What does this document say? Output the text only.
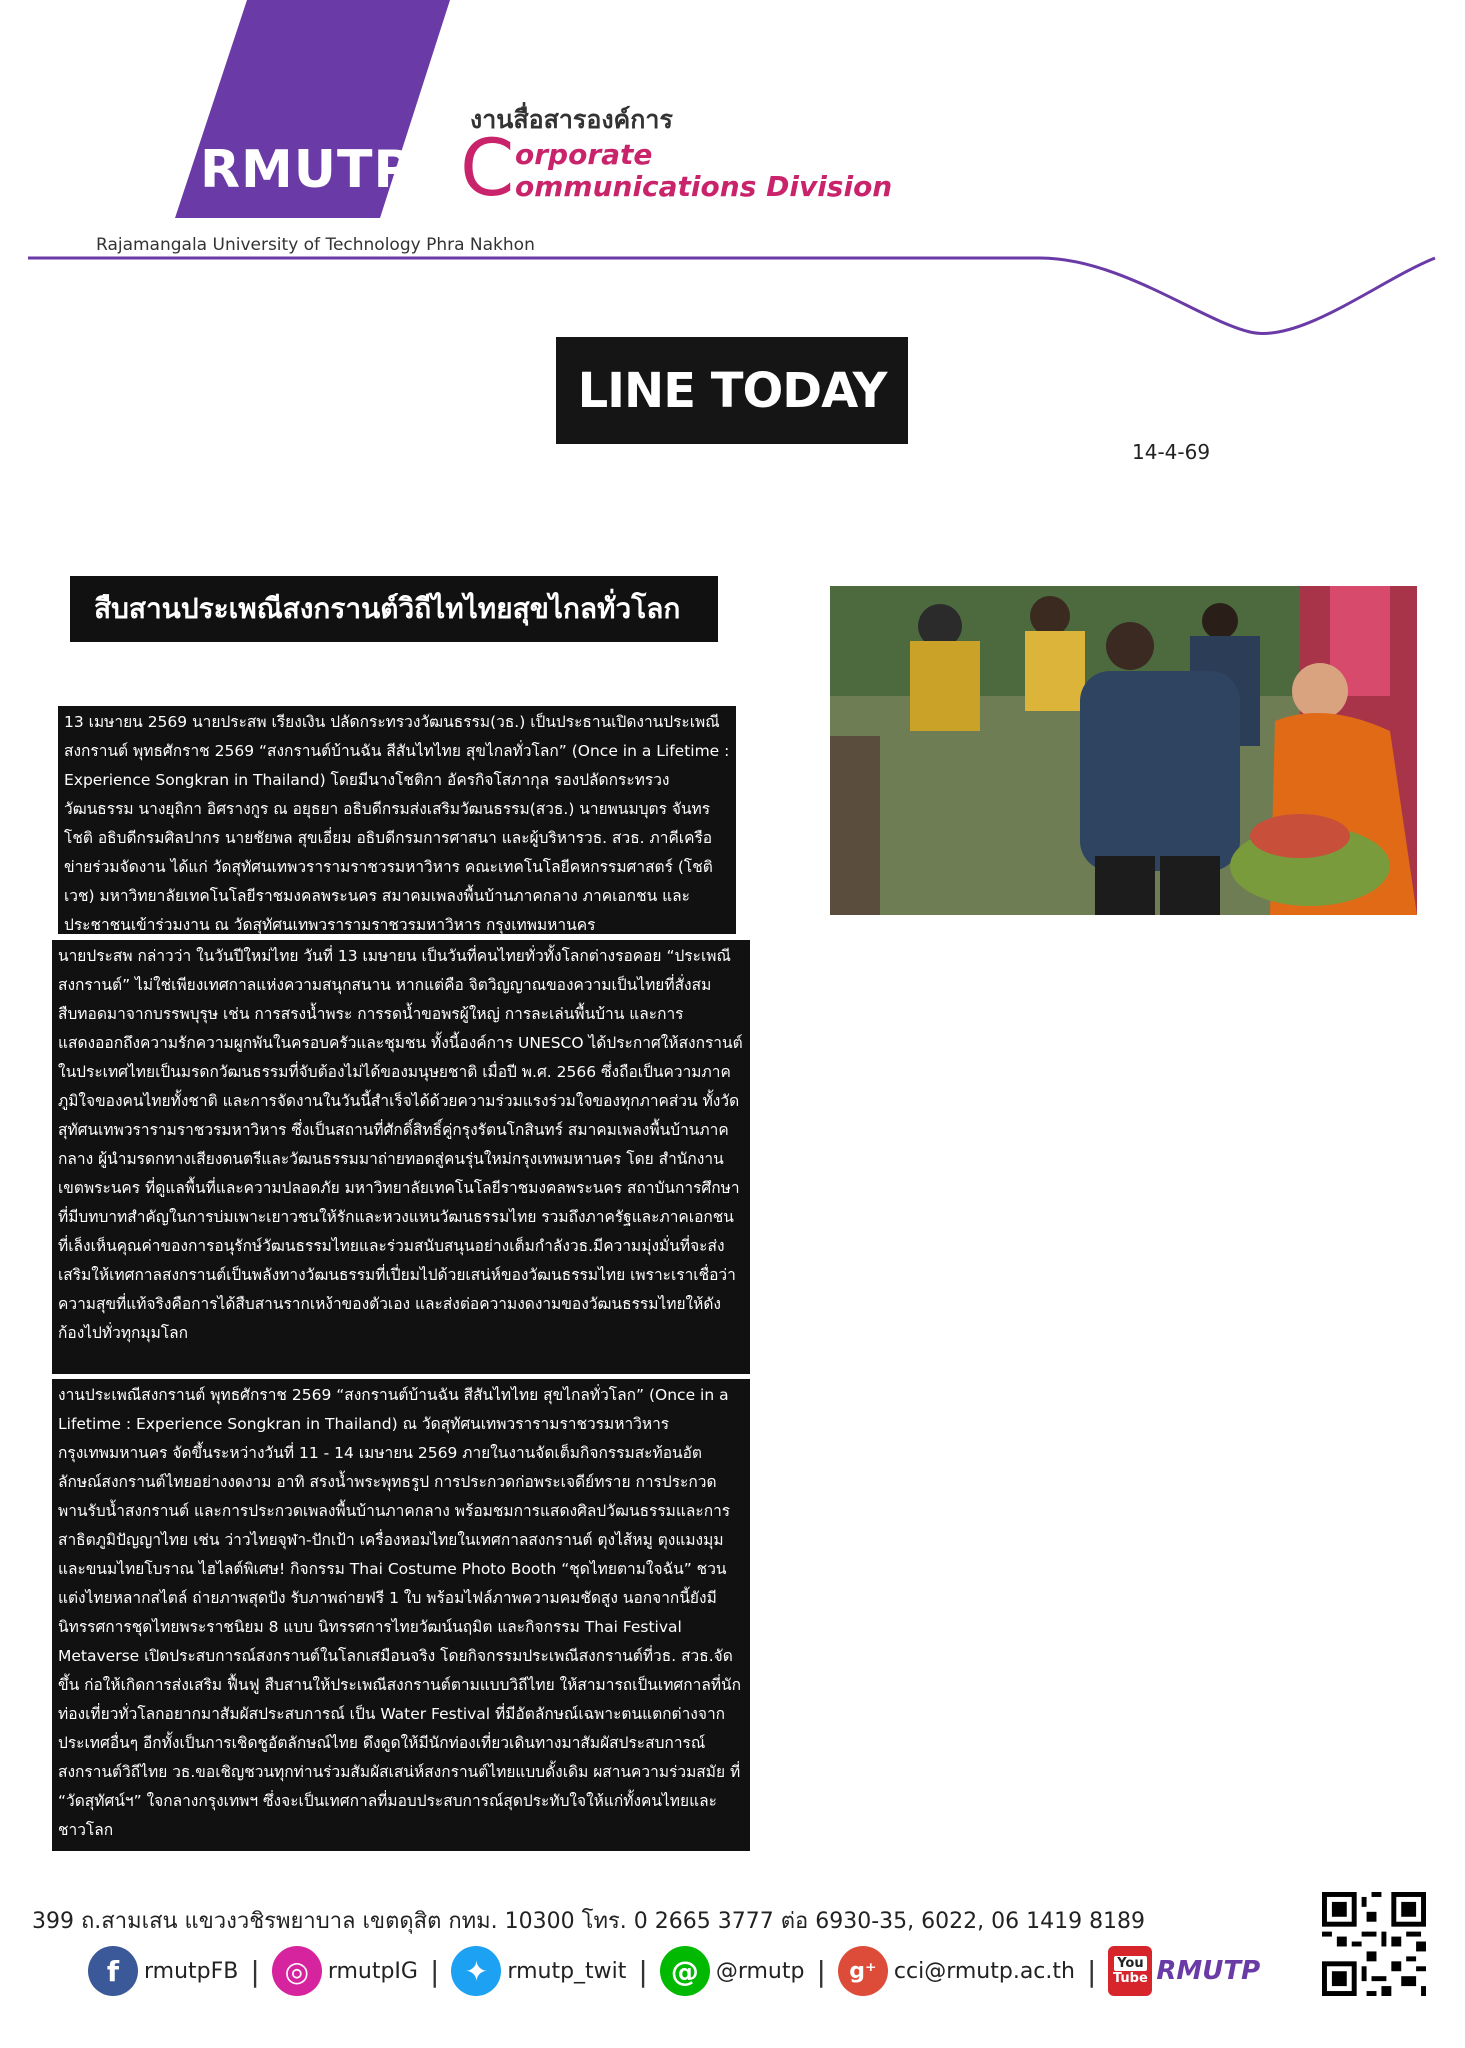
RMUTP
งานสื่อสารองค์การ
C orporate
ommunications Division
Rajamangala University of Technology Phra Nakhon
LINE TODAY
14-4-69
สืบสานประเพณีสงกรานต์วิถีไทไทยสุขไกลทั่วโลก
13 เมษายน 2569 นายประสพ เรียงเงิน ปลัดกระทรวงวัฒนธรรม(วธ.) เป็นประธานเปิดงานประเพณีสงกรานต์ พุทธศักราช 2569 “สงกรานต์บ้านฉัน สีสันไทไทย สุขไกลทั่วโลก” (Once in a Lifetime : Experience Songkran in Thailand) โดยมีนางโชติกา อัครกิจโสภากุล รองปลัดกระทรวงวัฒนธรรม นางยุถิกา อิศรางกูร ณ อยุธยา อธิบดีกรมส่งเสริมวัฒนธรรม(สวธ.) นายพนมบุตร จันทรโชติ อธิบดีกรมศิลปากร นายชัยพล สุขเอี่ยม อธิบดีกรมการศาสนา และผู้บริหารวธ. สวธ. ภาคีเครือข่ายร่วมจัดงาน ได้แก่ วัดสุทัศนเทพวรารามราชวรมหาวิหาร คณะเทคโนโลยีคหกรรมศาสตร์ (โชติเวช) มหาวิทยาลัยเทคโนโลยีราชมงคลพระนคร สมาคมเพลงพื้นบ้านภาคกลาง ภาคเอกชน และประชาชนเข้าร่วมงาน ณ วัดสุทัศนเทพวรารามราชวรมหาวิหาร กรุงเทพมหานคร
นายประสพ กล่าวว่า ในวันปีใหม่ไทย วันที่ 13 เมษายน เป็นวันที่คนไทยทั่วทั้งโลกต่างรอคอย “ประเพณีสงกรานต์” ไม่ใช่เพียงเทศกาลแห่งความสนุกสนาน หากแต่คือ จิตวิญญาณของความเป็นไทยที่สั่งสมสืบทอดมาจากบรรพบุรุษ เช่น การสรงน้ำพระ การรดน้ำขอพรผู้ใหญ่ การละเล่นพื้นบ้าน และการแสดงออกถึงความรักความผูกพันในครอบครัวและชุมชน ทั้งนี้องค์การ UNESCO ได้ประกาศให้สงกรานต์ในประเทศไทยเป็นมรดกวัฒนธรรมที่จับต้องไม่ได้ของมนุษยชาติ เมื่อปี พ.ศ. 2566 ซึ่งถือเป็นความภาคภูมิใจของคนไทยทั้งชาติ และการจัดงานในวันนี้สำเร็จได้ด้วยความร่วมแรงร่วมใจของทุกภาคส่วน ทั้งวัดสุทัศนเทพวรารามราชวรมหาวิหาร ซึ่งเป็นสถานที่ศักดิ์สิทธิ์คู่กรุงรัตนโกสินทร์ สมาคมเพลงพื้นบ้านภาคกลาง ผู้นำมรดกทางเสียงดนตรีและวัฒนธรรมมาถ่ายทอดสู่คนรุ่นใหม่กรุงเทพมหานคร โดย สำนักงานเขตพระนคร ที่ดูแลพื้นที่และความปลอดภัย มหาวิทยาลัยเทคโนโลยีราชมงคลพระนคร สถาบันการศึกษาที่มีบทบาทสำคัญในการบ่มเพาะเยาวชนให้รักและหวงแหนวัฒนธรรมไทย รวมถึงภาครัฐและภาคเอกชนที่เล็งเห็นคุณค่าของการอนุรักษ์วัฒนธรรมไทยและร่วมสนับสนุนอย่างเต็มกำลังวธ.มีความมุ่งมั่นที่จะส่งเสริมให้เทศกาลสงกรานต์เป็นพลังทางวัฒนธรรมที่เปี่ยมไปด้วยเสน่ห์ของวัฒนธรรมไทย เพราะเราเชื่อว่า ความสุขที่แท้จริงคือการได้สืบสานรากเหง้าของตัวเอง และส่งต่อความงดงามของวัฒนธรรมไทยให้ดังก้องไปทั่วทุกมุมโลก
งานประเพณีสงกรานต์ พุทธศักราช 2569 “สงกรานต์บ้านฉัน สีสันไทไทย สุขไกลทั่วโลก” (Once in a Lifetime : Experience Songkran in Thailand) ณ วัดสุทัศนเทพวรารามราชวรมหาวิหาร กรุงเทพมหานคร จัดขึ้นระหว่างวันที่ 11 - 14 เมษายน 2569 ภายในงานจัดเต็มกิจกรรมสะท้อนอัตลักษณ์สงกรานต์ไทยอย่างงดงาม อาทิ สรงน้ำพระพุทธรูป การประกวดก่อพระเจดีย์ทราย การประกวดพานรับน้ำสงกรานต์ และการประกวดเพลงพื้นบ้านภาคกลาง พร้อมชมการแสดงศิลปวัฒนธรรมและการสาธิตภูมิปัญญาไทย เช่น ว่าวไทยจุฬา-ปักเป้า เครื่องหอมไทยในเทศกาลสงกรานต์ ตุงไส้หมู ตุงแมงมุม และขนมไทยโบราณ ไฮไลต์พิเศษ! กิจกรรม Thai Costume Photo Booth “ชุดไทยตามใจฉัน” ชวนแต่งไทยหลากสไตล์ ถ่ายภาพสุดปัง รับภาพถ่ายฟรี 1 ใบ พร้อมไฟล์ภาพความคมชัดสูง นอกจากนี้ยังมีนิทรรศการชุดไทยพระราชนิยม 8 แบบ นิทรรศการไทยวัฒน์นฤมิต และกิจกรรม Thai Festival Metaverse เปิดประสบการณ์สงกรานต์ในโลกเสมือนจริง โดยกิจกรรมประเพณีสงกรานต์ที่วธ. สวธ.จัดขึ้น ก่อให้เกิดการส่งเสริม ฟื้นฟู สืบสานให้ประเพณีสงกรานต์ตามแบบวิถีไทย ให้สามารถเป็นเทศกาลที่นักท่องเที่ยวทั่วโลกอยากมาสัมผัสประสบการณ์ เป็น Water Festival ที่มีอัตลักษณ์เฉพาะตนแตกต่างจากประเทศอื่นๆ อีกทั้งเป็นการเชิดชูอัตลักษณ์ไทย ดึงดูดให้มีนักท่องเที่ยวเดินทางมาสัมผัสประสบการณ์สงกรานต์วิถีไทย วธ.ขอเชิญชวนทุกท่านร่วมสัมผัสเสน่ห์สงกรานต์ไทยแบบดั้งเดิม ผสานความร่วมสมัย ที่ “วัดสุทัศน์ฯ” ใจกลางกรุงเทพฯ ซึ่งจะเป็นเทศกาลที่มอบประสบการณ์สุดประทับใจให้แก่ทั้งคนไทยและชาวโลก
399 ถ.สามเสน แขวงวชิรพยาบาล เขตดุสิต กทม. 10300 โทร. 0 2665 3777 ต่อ 6930-35, 6022, 06 1419 8189
f	rmutpFB | ◎ rmutpIG | ✦ rmutp_twit | @ @rmutp |	g⁺ cci@rmutp.ac.th | You
Tube RMUTP
